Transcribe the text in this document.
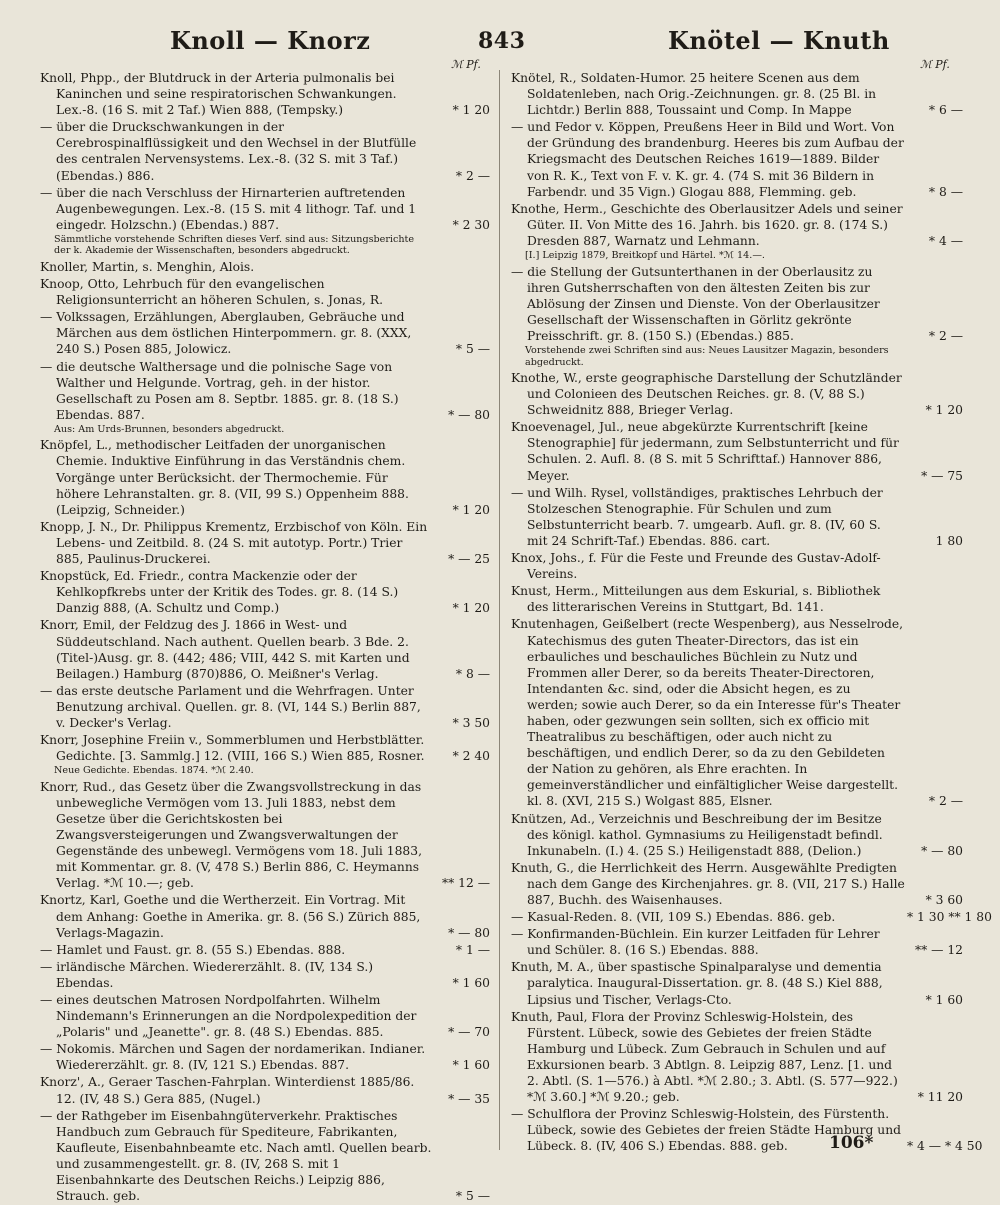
Knoll — Knorz	843	Knötel — Knuth
ℳ Pf.	ℳ Pf.
Knoll, Phpp., der Blutdruck in der Arteria pulmonalis bei Kaninchen und seine respiratorischen Schwankungen. Lex.-8. (16 S. mit 2 Taf.) Wien 888, (Tempsky.)	* 1 20
— über die Druckschwankungen in der Cerebrospinalflüssigkeit und den Wechsel in der Blutfülle des centralen Nervensystems. Lex.-8. (32 S. mit 3 Taf.) (Ebendas.) 886.	* 2 —
— über die nach Verschluss der Hirnarterien auftretenden Augenbewegungen. Lex.-8. (15 S. mit 4 lithogr. Taf. und 1 eingedr. Holzschn.) (Ebendas.) 887.	* 2 30
Sämmtliche vorstehende Schriften dieses Verf. sind aus: Sitzungsberichte der k. Akademie der Wissenschaften, besonders abgedruckt.
Knoller, Martin, s. Menghin, Alois.
Knoop, Otto, Lehrbuch für den evangelischen Religionsunterricht an höheren Schulen, s. Jonas, R.
— Volkssagen, Erzählungen, Aberglauben, Gebräuche und Märchen aus dem östlichen Hinterpommern. gr. 8. (XXX, 240 S.) Posen 885, Jolowicz.	* 5 —
— die deutsche Walthersage und die polnische Sage von Walther und Helgunde. Vortrag, geh. in der histor. Gesellschaft zu Posen am 8. Septbr. 1885. gr. 8. (18 S.) Ebendas. 887.	* — 80
Aus: Am Urds-Brunnen, besonders abgedruckt.
Knöpfel, L., methodischer Leitfaden der unorganischen Chemie. Induktive Einführung in das Verständnis chem. Vorgänge unter Berücksicht. der Thermochemie. Für höhere Lehranstalten. gr. 8. (VII, 99 S.) Oppenheim 888. (Leipzig, Schneider.)	* 1 20
Knopp, J. N., Dr. Philippus Krementz, Erzbischof von Köln. Ein Lebens- und Zeitbild. 8. (24 S. mit autotyp. Portr.) Trier 885, Paulinus-Druckerei.	* — 25
Knopstück, Ed. Friedr., contra Mackenzie oder der Kehlkopfkrebs unter der Kritik des Todes. gr. 8. (14 S.) Danzig 888, (A. Schultz und Comp.)	* 1 20
Knorr, Emil, der Feldzug des J. 1866 in West- und Süddeutschland. Nach authent. Quellen bearb. 3 Bde. 2. (Titel-)Ausg. gr. 8. (442; 486; VIII, 442 S. mit Karten und Beilagen.) Hamburg (870)886, O. Meißner's Verlag.	* 8 —
— das erste deutsche Parlament und die Wehrfragen. Unter Benutzung archival. Quellen. gr. 8. (VI, 144 S.) Berlin 887, v. Decker's Verlag.	* 3 50
Knorr, Josephine Freiin v., Sommerblumen und Herbstblätter. Gedichte. [3. Sammlg.] 12. (VIII, 166 S.) Wien 885, Rosner.	* 2 40
Neue Gedichte. Ebendas. 1874. *ℳ 2.40.
Knorr, Rud., das Gesetz über die Zwangsvollstreckung in das unbewegliche Vermögen vom 13. Juli 1883, nebst dem Gesetze über die Gerichtskosten bei Zwangsversteigerungen und Zwangsverwaltungen der Gegenstände des unbewegl. Vermögens vom 18. Juli 1883, mit Kommentar. gr. 8. (V, 478 S.) Berlin 886, C. Heymanns Verlag. *ℳ 10.—; geb.	** 12 —
Knortz, Karl, Goethe und die Wertherzeit. Ein Vortrag. Mit dem Anhang: Goethe in Amerika. gr. 8. (56 S.) Zürich 885, Verlags-Magazin.	* — 80
— Hamlet und Faust. gr. 8. (55 S.) Ebendas. 888.	* 1 —
— irländische Märchen. Wiedererzählt. 8. (IV, 134 S.) Ebendas.	* 1 60
— eines deutschen Matrosen Nordpolfahrten. Wilhelm Nindemann's Erinnerungen an die Nordpolexpedition der „Polaris" und „Jeanette". gr. 8. (48 S.) Ebendas. 885.	* — 70
— Nokomis. Märchen und Sagen der nordamerikan. Indianer. Wiedererzählt. gr. 8. (IV, 121 S.) Ebendas. 887.	* 1 60
Knorz', A., Geraer Taschen-Fahrplan. Winterdienst 1885/86. 12. (IV, 48 S.) Gera 885, (Nugel.)	* — 35
— der Rathgeber im Eisenbahngüterverkehr. Praktisches Handbuch zum Gebrauch für Spediteure, Fabrikanten, Kaufleute, Eisenbahnbeamte etc. Nach amtl. Quellen bearb. und zusammengestellt. gr. 8. (IV, 268 S. mit 1 Eisenbahnkarte des Deutschen Reichs.) Leipzig 886, Strauch. geb.	* 5 —
Knötel, R., Soldaten-Humor. 25 heitere Scenen aus dem Soldatenleben, nach Orig.-Zeichnungen. gr. 8. (25 Bl. in Lichtdr.) Berlin 888, Toussaint und Comp. In Mappe	* 6 —
— und Fedor v. Köppen, Preußens Heer in Bild und Wort. Von der Gründung des brandenburg. Heeres bis zum Aufbau der Kriegsmacht des Deutschen Reiches 1619—1889. Bilder von R. K., Text von F. v. K. gr. 4. (74 S. mit 36 Bildern in Farbendr. und 35 Vign.) Glogau 888, Flemming. geb.	* 8 —
Knothe, Herm., Geschichte des Oberlausitzer Adels und seiner Güter. II. Von Mitte des 16. Jahrh. bis 1620. gr. 8. (174 S.) Dresden 887, Warnatz und Lehmann.	* 4 —
[I.] Leipzig 1879, Breitkopf und Härtel. *ℳ 14.—.
— die Stellung der Gutsunterthanen in der Oberlausitz zu ihren Gutsherrschaften von den ältesten Zeiten bis zur Ablösung der Zinsen und Dienste. Von der Oberlausitzer Gesellschaft der Wissenschaften in Görlitz gekrönte Preisschrift. gr. 8. (150 S.) (Ebendas.) 885.	* 2 —
Vorstehende zwei Schriften sind aus: Neues Lausitzer Magazin, besonders abgedruckt.
Knothe, W., erste geographische Darstellung der Schutzländer und Colonieen des Deutschen Reiches. gr. 8. (V, 88 S.) Schweidnitz 888, Brieger Verlag.	* 1 20
Knoevenagel, Jul., neue abgekürzte Kurrentschrift [keine Stenographie] für jedermann, zum Selbstunterricht und für Schulen. 2. Aufl. 8. (8 S. mit 5 Schrifttaf.) Hannover 886, Meyer.	* — 75
— und Wilh. Rysel, vollständiges, praktisches Lehrbuch der Stolzeschen Stenographie. Für Schulen und zum Selbstunterricht bearb. 7. umgearb. Aufl. gr. 8. (IV, 60 S. mit 24 Schrift-Taf.) Ebendas. 886. cart.	1 80
Knox, Johs., f. Für die Feste und Freunde des Gustav-Adolf-Vereins.
Knust, Herm., Mitteilungen aus dem Eskurial, s. Bibliothek des litterarischen Vereins in Stuttgart, Bd. 141.
Knutenhagen, Geißelbert (recte Wespenberg), aus Nesselrode, Katechismus des guten Theater-Directors, das ist ein erbauliches und beschauliches Büchlein zu Nutz und Frommen aller Derer, so da bereits Theater-Directoren, Intendanten &c. sind, oder die Absicht hegen, es zu werden; sowie auch Derer, so da ein Interesse für's Theater haben, oder gezwungen sein sollten, sich ex officio mit Theatralibus zu beschäftigen, oder auch nicht zu beschäftigen, und endlich Derer, so da zu den Gebildeten der Nation zu gehören, als Ehre erachten. In gemeinverständlicher und einfältiglicher Weise dargestellt. kl. 8. (XVI, 215 S.) Wolgast 885, Elsner.	* 2 —
Knützen, Ad., Verzeichnis und Beschreibung der im Besitze des königl. kathol. Gymnasiums zu Heiligenstadt befindl. Inkunabeln. (I.) 4. (25 S.) Heiligenstadt 888, (Delion.)	* — 80
Knuth, G., die Herrlichkeit des Herrn. Ausgewählte Predigten nach dem Gange des Kirchenjahres. gr. 8. (VII, 217 S.) Halle 887, Buchh. des Waisenhauses.	* 3 60
— Kasual-Reden. 8. (VII, 109 S.) Ebendas. 886. geb.	* 1 30 ** 1 80
— Konfirmanden-Büchlein. Ein kurzer Leitfaden für Lehrer und Schüler. 8. (16 S.) Ebendas. 888.	** — 12
Knuth, M. A., über spastische Spinalparalyse und dementia paralytica. Inaugural-Dissertation. gr. 8. (48 S.) Kiel 888, Lipsius und Tischer, Verlags-Cto.	* 1 60
Knuth, Paul, Flora der Provinz Schleswig-Holstein, des Fürstent. Lübeck, sowie des Gebietes der freien Städte Hamburg und Lübeck. Zum Gebrauch in Schulen und auf Exkursionen bearb. 3 Abtlgn. 8. Leipzig 887, Lenz. [1. und 2. Abtl. (S. 1—576.) à Abtl. *ℳ 2.80.; 3. Abtl. (S. 577—922.) *ℳ 3.60.] *ℳ 9.20.; geb.	* 11 20
— Schulflora der Provinz Schleswig-Holstein, des Fürstenth. Lübeck, sowie des Gebietes der freien Städte Hamburg und Lübeck. 8. (IV, 406 S.) Ebendas. 888. geb.	* 4 — * 4 50
106*
